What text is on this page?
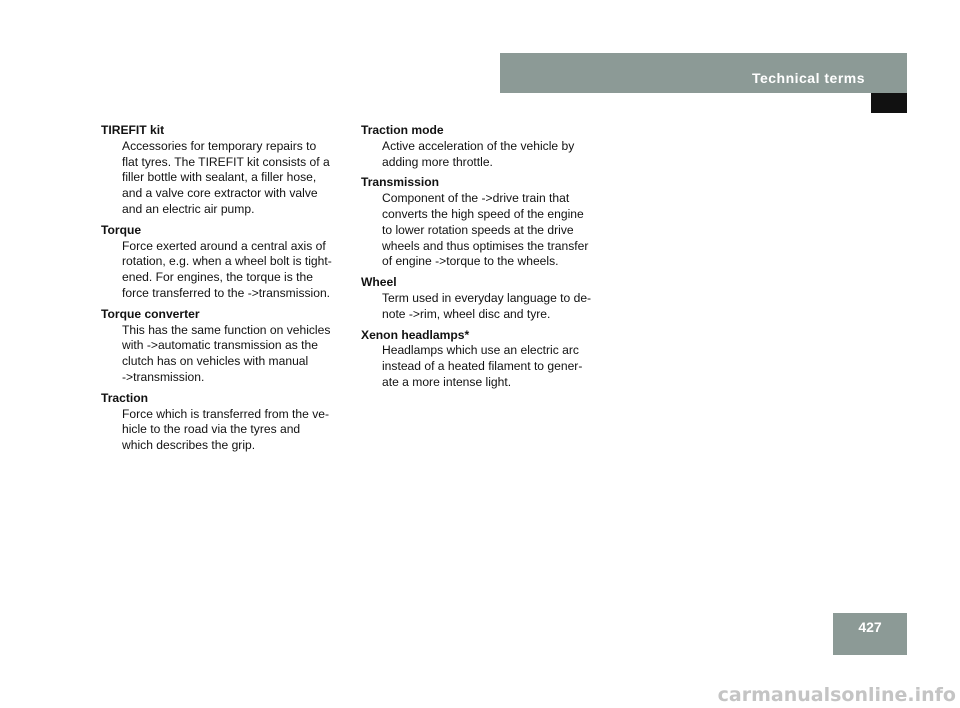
Technical terms
TIREFIT kit
Accessories for temporary repairs to
flat tyres. The TIREFIT kit consists of a
filler bottle with sealant, a filler hose,
and a valve core extractor with valve
and an electric air pump.
Torque
Force exerted around a central axis of
rotation, e.g. when a wheel bolt is tight-
ened. For engines, the torque is the
force transferred to the ->transmission.
Torque converter
This has the same function on vehicles
with ->automatic transmission as the
clutch has on vehicles with manual
->transmission.
Traction
Force which is transferred from the ve-
hicle to the road via the tyres and
which describes the grip.
Traction mode
Active acceleration of the vehicle by
adding more throttle.
Transmission
Component of the ->drive train that
converts the high speed of the engine
to lower rotation speeds at the drive
wheels and thus optimises the transfer
of engine ->torque to the wheels.
Wheel
Term used in everyday language to de-
note ->rim, wheel disc and tyre.
Xenon headlamps*
Headlamps which use an electric arc
instead of a heated filament to gener-
ate a more intense light.
427
carmanualsonline.info
